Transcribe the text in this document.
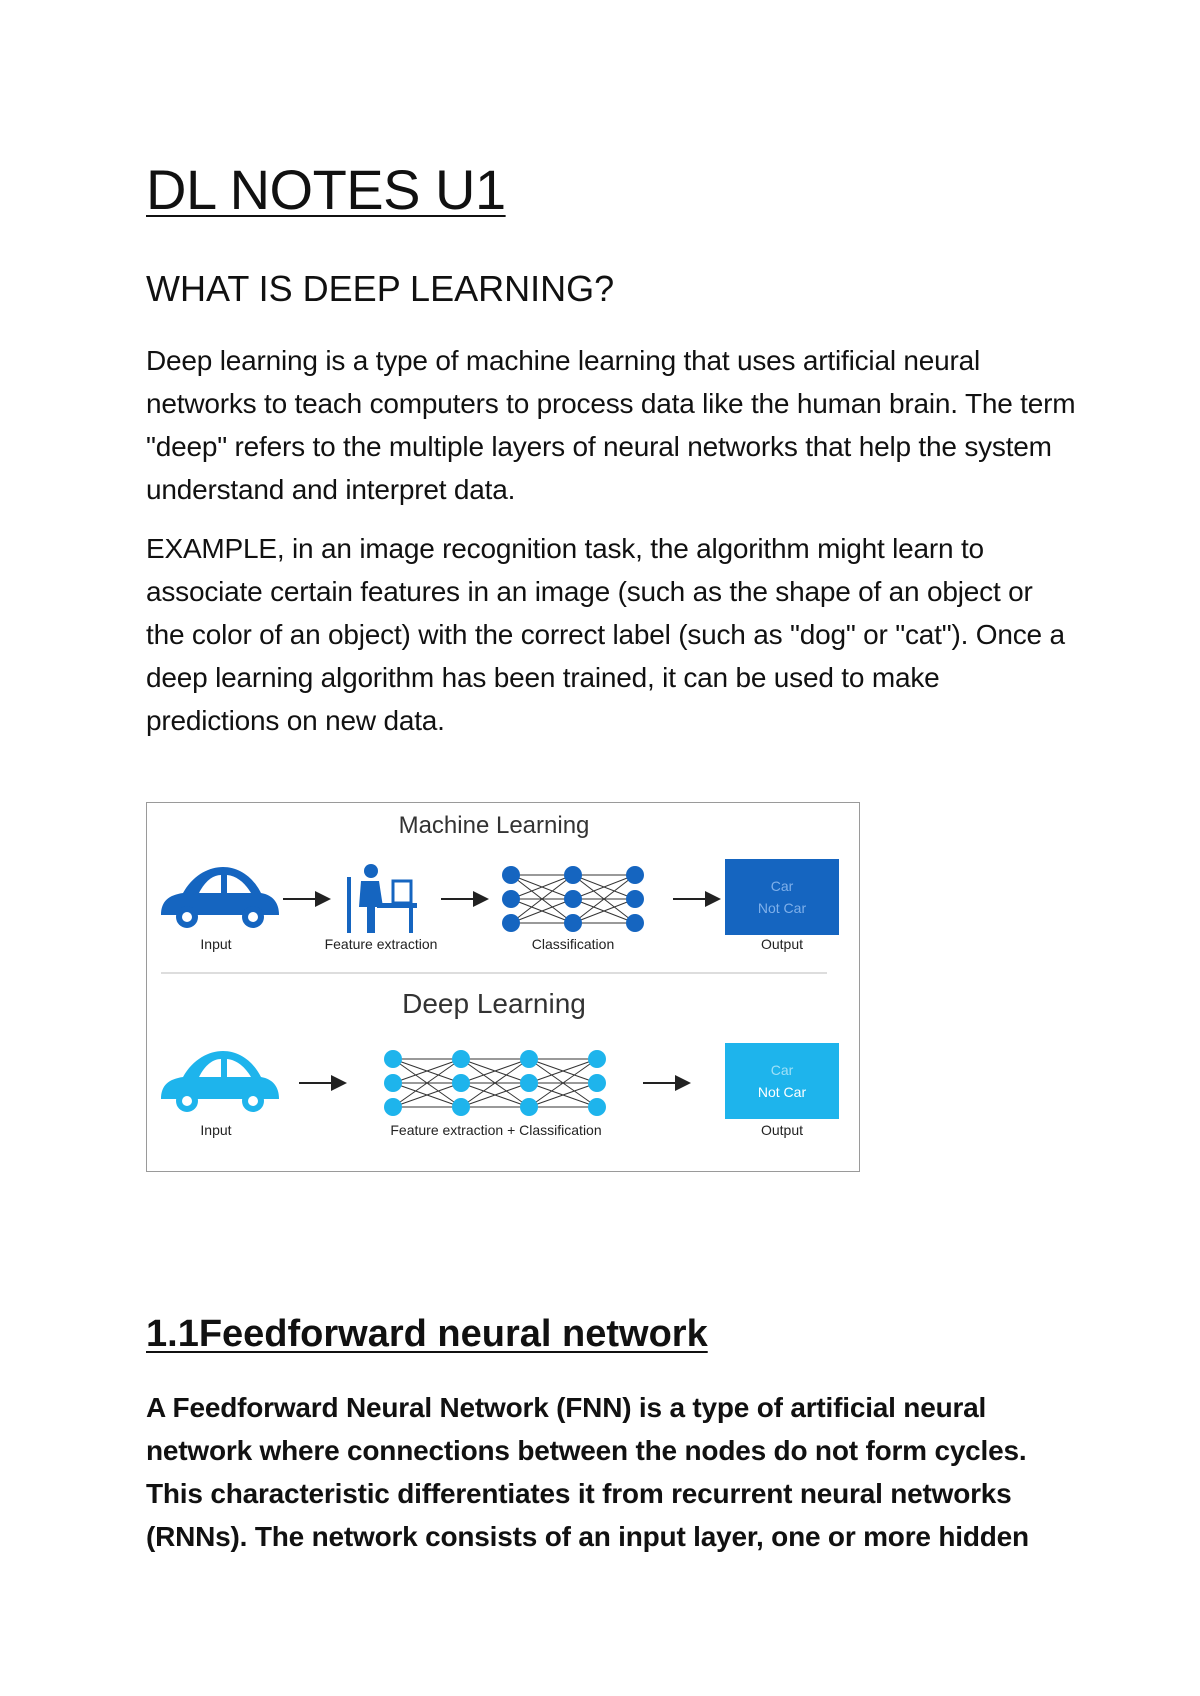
DL NOTES U1
WHAT IS DEEP LEARNING?

Deep learning is a type of machine learning that uses artificial neural networks to teach computers to process data like the human brain. The term "deep" refers to the multiple layers of neural networks that help the system understand and interpret data.

EXAMPLE, in an image recognition task, the algorithm might learn to associate certain features in an image (such as the shape of an object or the color of an object) with the correct label (such as "dog" or "cat"). Once a deep learning algorithm has been trained, it can be used to make predictions on new data.

Machine Learning
Input	Feature extraction	Classification
Car
Not Car
Output
Deep Learning
Input	Feature extraction + Classification
Car
Not Car
Output
1.1Feedforward neural network

A Feedforward Neural Network (FNN) is a type of artificial neural network where connections between the nodes do not form cycles. This characteristic differentiates it from recurrent neural networks (RNNs). The network consists of an input layer, one or more hidden
